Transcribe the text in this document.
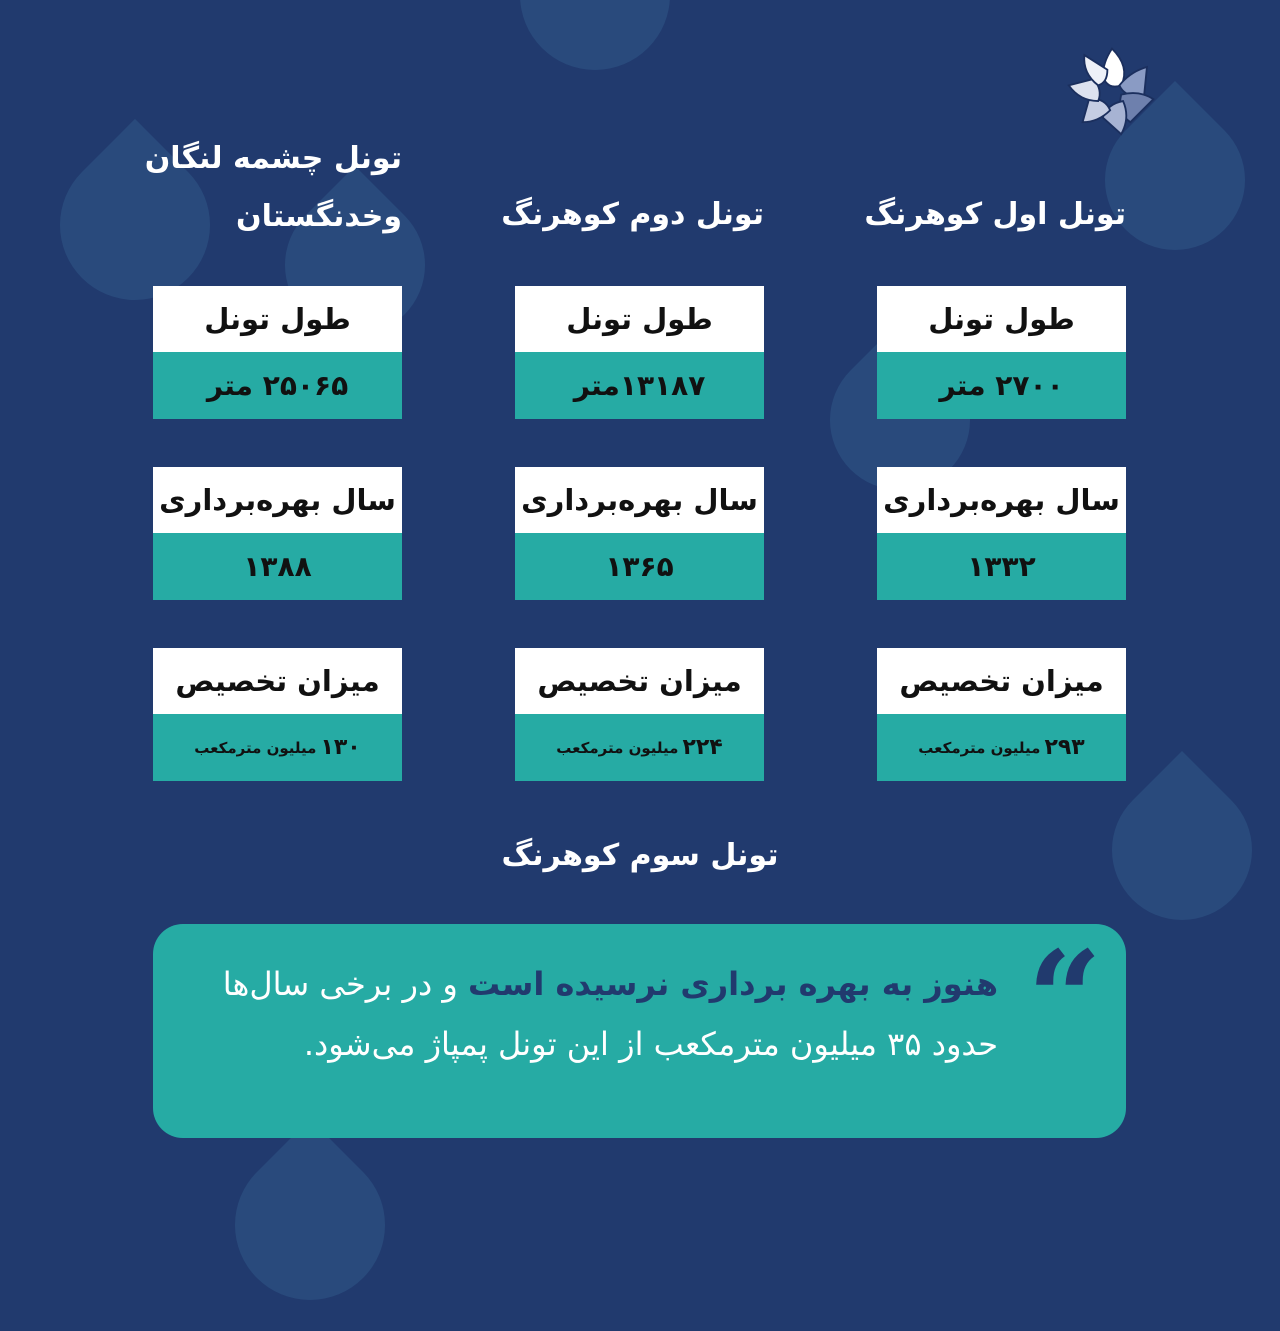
تونل اول کوهرنگ
تونل دوم کوهرنگ
تونل چشمه لنگان وخدنگستان
طول تونل
۲۷۰۰ متر
سال بهره‌برداری
۱۳۳۲
میزان تخصیص
۲۹۳
میلیون مترمکعب
طول تونل
۱۳۱۸۷متر
سال بهره‌برداری
۱۳۶۵
میزان تخصیص
۲۲۴
میلیون مترمکعب
طول تونل
۲۵۰۶۵ متر
سال بهره‌برداری
۱۳۸۸
میزان تخصیص
۱۳۰
میلیون مترمکعب
تونل سوم کوهرنگ
“
هنوز به بهره برداری نرسیده است و در برخی سال‌ها حدود ۳۵ میلیون مترمکعب از این تونل پمپاژ می‌شود.
